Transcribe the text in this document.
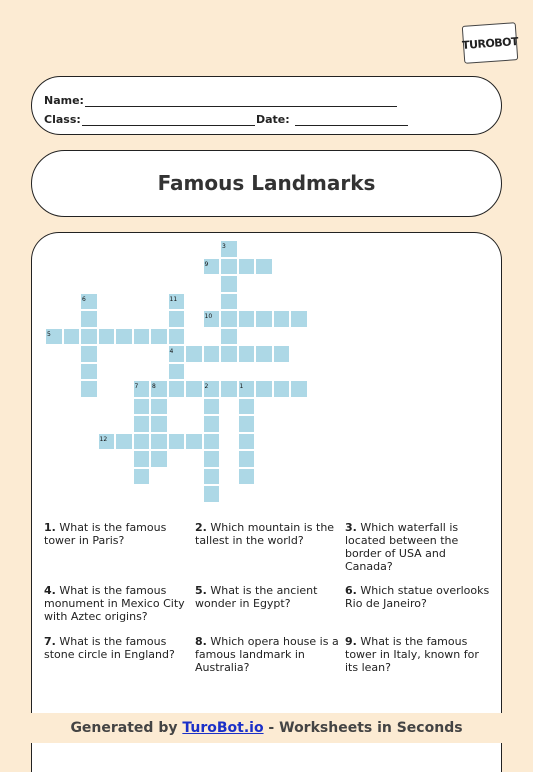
TUROBOT
Name:
Class:	Date:
Famous Landmarks
Generated by TuroBot.io - Worksheets in Seconds
3
9
6	11
10
5
4
7 8	2	1
12
1. What is the famous tower in Paris?
2. Which mountain is the tallest in the world?
3. Which waterfall is located between the border of USA and Canada?
4. What is the famous monument in Mexico City with Aztec origins?
5. What is the ancient wonder in Egypt?
6. Which statue overlooks Rio de Janeiro?
7. What is the famous stone circle in England?
8. Which opera house is a famous landmark in Australia?
9. What is the famous tower in Italy, known for its lean?
